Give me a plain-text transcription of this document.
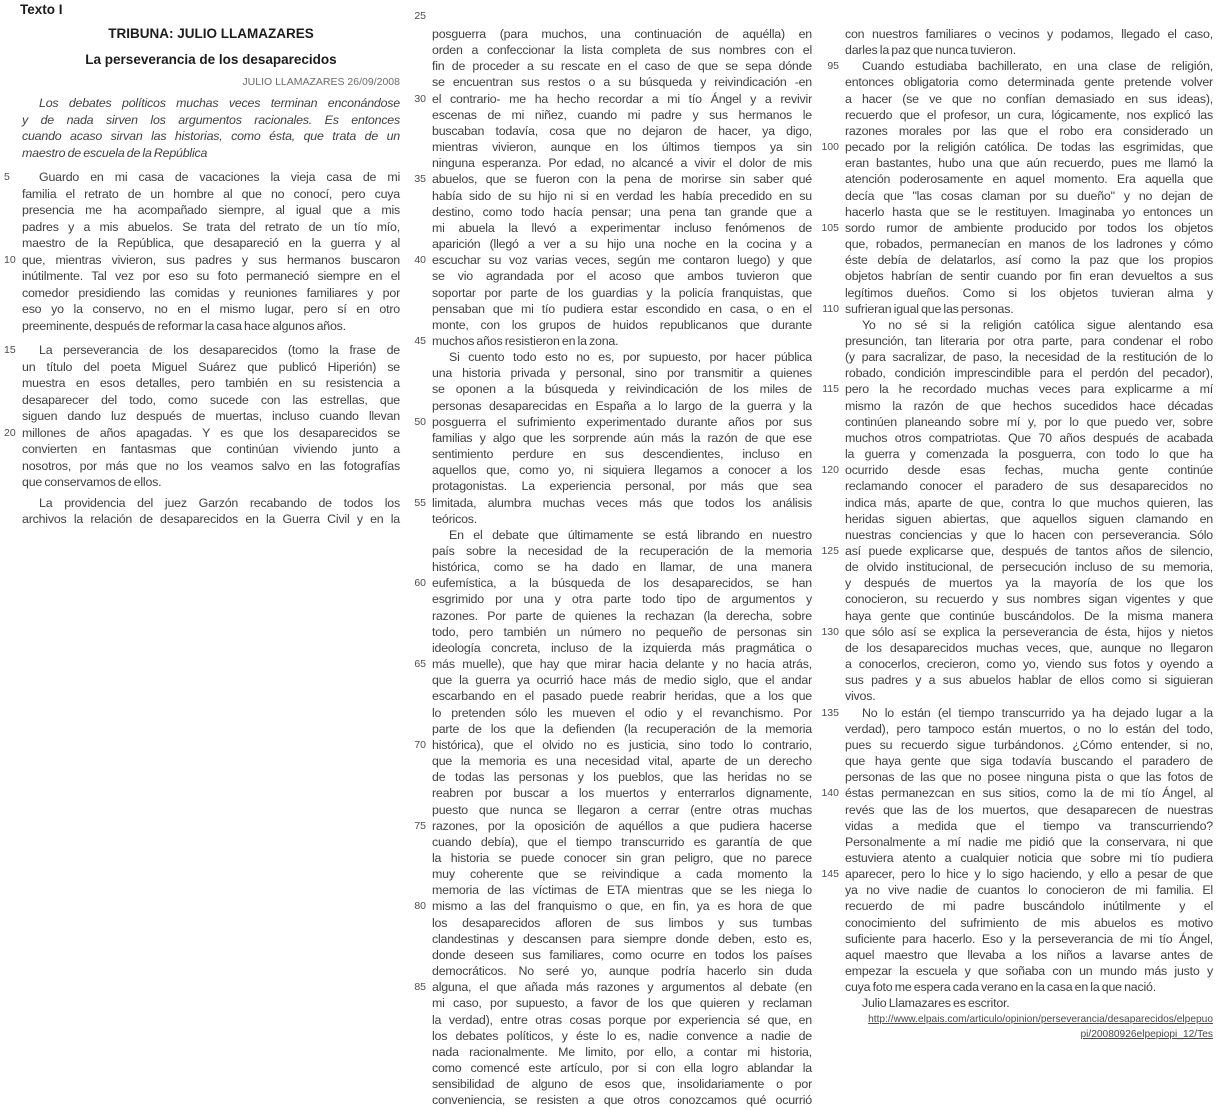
Texto I
TRIBUNA: JULIO LLAMAZARES
La perseverancia de los desaparecidos
JULIO LLAMAZARES 26/09/2008
Los debates políticos muchas veces terminan enconándose
y de nada sirven los argumentos racionales. Es entonces
cuando acaso sirvan las historias, como ésta, que trata de un
maestro de escuela de la República
5 Guardo en mi casa de vacaciones la vieja casa de mi
familia el retrato de un hombre al que no conocí, pero cuya
presencia me ha acompañado siempre, al igual que a mis
padres y a mis abuelos. Se trata del retrato de un tío mío,
maestro de la República, que desapareció en la guerra y al
10 que, mientras vivieron, sus padres y sus hermanos buscaron
inútilmente. Tal vez por eso su foto permaneció siempre en el
comedor presidiendo las comidas y reuniones familiares y por
eso yo la conservo, no en el mismo lugar, pero sí en otro
preeminente, después de reformar la casa hace algunos años.
15 La perseverancia de los desaparecidos (tomo la frase de
un título del poeta Miguel Suárez que publicó Hiperión) se
muestra en esos detalles, pero también en su resistencia a
desaparecer del todo, como sucede con las estrellas, que
siguen dando luz después de muertas, incluso cuando llevan
20 millones de años apagadas. Y es que los desaparecidos se
convierten en fantasmas que continúan viviendo junto a
nosotros, por más que no los veamos salvo en las fotografías
que conservamos de ellos.
La providencia del juez Garzón recabando de todos los
archivos la relación de desaparecidos en la Guerra Civil y en la
25
posguerra (para muchos, una continuación de aquélla) en
orden a confeccionar la lista completa de sus nombres con el
fin de proceder a su rescate en el caso de que se sepa dónde
se encuentran sus restos o a su búsqueda y reivindicación -en
30 el contrario- me ha hecho recordar a mi tío Ángel y a revivir
escenas de mi niñez, cuando mi padre y sus hermanos le
buscaban todavía, cosa que no dejaron de hacer, ya digo,
mientras vivieron, aunque en los últimos tiempos ya sin
ninguna esperanza. Por edad, no alcancé a vivir el dolor de mis
35 abuelos, que se fueron con la pena de morirse sin saber qué
había sido de su hijo ni si en verdad les había precedido en su
destino, como todo hacía pensar; una pena tan grande que a
mi abuela la llevó a experimentar incluso fenómenos de
aparición (llegó a ver a su hijo una noche en la cocina y a
40 escuchar su voz varias veces, según me contaron luego) y que
se vio agrandada por el acoso que ambos tuvieron que
soportar por parte de los guardias y la policía franquistas, que
pensaban que mi tío pudiera estar escondido en casa, o en el
monte, con los grupos de huidos republicanos que durante
45 muchos años resistieron en la zona.
Si cuento todo esto no es, por supuesto, por hacer pública
una historia privada y personal, sino por transmitir a quienes
se oponen a la búsqueda y reivindicación de los miles de
personas desaparecidas en España a lo largo de la guerra y la
50 posguerra el sufrimiento experimentado durante años por sus
familias y algo que les sorprende aún más la razón de que ese
sentimiento perdure en sus descendientes, incluso en
aquellos que, como yo, ni siquiera llegamos a conocer a los
protagonistas. La experiencia personal, por más que sea
55 limitada, alumbra muchas veces más que todos los análisis
teóricos.
En el debate que últimamente se está librando en nuestro
país sobre la necesidad de la recuperación de la memoria
histórica, como se ha dado en llamar, de una manera
60 eufemística, a la búsqueda de los desaparecidos, se han
esgrimido por una y otra parte todo tipo de argumentos y
razones. Por parte de quienes la rechazan (la derecha, sobre
todo, pero también un número no pequeño de personas sin
ideología concreta, incluso de la izquierda más pragmática o
65 más muelle), que hay que mirar hacia delante y no hacia atrás,
que la guerra ya ocurrió hace más de medio siglo, que el andar
escarbando en el pasado puede reabrir heridas, que a los que
lo pretenden sólo les mueven el odio y el revanchismo. Por
parte de los que la defienden (la recuperación de la memoria
70 histórica), que el olvido no es justicia, sino todo lo contrario,
que la memoria es una necesidad vital, aparte de un derecho
de todas las personas y los pueblos, que las heridas no se
reabren por buscar a los muertos y enterrarlos dignamente,
puesto que nunca se llegaron a cerrar (entre otras muchas
75 razones, por la oposición de aquéllos a que pudiera hacerse
cuando debía), que el tiempo transcurrido es garantía de que
la historia se puede conocer sin gran peligro, que no parece
muy coherente que se reivindique a cada momento la
memoria de las víctimas de ETA mientras que se les niega lo
80 mismo a las del franquismo o que, en fin, ya es hora de que
los desaparecidos afloren de sus limbos y sus tumbas
clandestinas y descansen para siempre donde deben, esto es,
donde deseen sus familiares, como ocurre en todos los países
democráticos. No seré yo, aunque podría hacerlo sin duda
85 alguna, el que añada más razones y argumentos al debate (en
mi caso, por supuesto, a favor de los que quieren y reclaman
la verdad), entre otras cosas porque por experiencia sé que, en
los debates políticos, y éste lo es, nadie convence a nadie de
nada racionalmente. Me limito, por ello, a contar mi historia,
como comencé este artículo, por si con ella logro ablandar la
sensibilidad de alguno de esos que, insolidariamente o por
conveniencia, se resisten a que otros conozcamos qué ocurrió
con nuestros familiares o vecinos y podamos, llegado el caso,
darles la paz que nunca tuvieron.
95 Cuando estudiaba bachillerato, en una clase de religión,
entonces obligatoria como determinada gente pretende volver
a hacer (se ve que no confían demasiado en sus ideas),
recuerdo que el profesor, un cura, lógicamente, nos explicó las
razones morales por las que el robo era considerado un
100 pecado por la religión católica. De todas las esgrimidas, que
eran bastantes, hubo una que aún recuerdo, pues me llamó la
atención poderosamente en aquel momento. Era aquella que
decía que "las cosas claman por su dueño" y no dejan de
hacerlo hasta que se le restituyen. Imaginaba yo entonces un
105 sordo rumor de ambiente producido por todos los objetos
que, robados, permanecían en manos de los ladrones y cómo
éste debía de delatarlos, así como la paz que los propios
objetos habrían de sentir cuando por fin eran devueltos a sus
legítimos dueños. Como si los objetos tuvieran alma y
110 sufrieran igual que las personas.
Yo no sé si la religión católica sigue alentando esa
presunción, tan literaria por otra parte, para condenar el robo
(y para sacralizar, de paso, la necesidad de la restitución de lo
robado, condición imprescindible para el perdón del pecador),
115 pero la he recordado muchas veces para explicarme a mí
mismo la razón de que hechos sucedidos hace décadas
continúen planeando sobre mí y, por lo que puedo ver, sobre
muchos otros compatriotas. Que 70 años después de acabada
la guerra y comenzada la posguerra, con todo lo que ha
120 ocurrido desde esas fechas, mucha gente continúe
reclamando conocer el paradero de sus desaparecidos no
indica más, aparte de que, contra lo que muchos quieren, las
heridas siguen abiertas, que aquellos siguen clamando en
nuestras conciencias y que lo hacen con perseverancia. Sólo
125 así puede explicarse que, después de tantos años de silencio,
de olvido institucional, de persecución incluso de su memoria,
y después de muertos ya la mayoría de los que los
conocieron, su recuerdo y sus nombres sigan vigentes y que
haya gente que continúe buscándolos. De la misma manera
130 que sólo así se explica la perseverancia de ésta, hijos y nietos
de los desaparecidos muchas veces, que, aunque no llegaron
a conocerlos, crecieron, como yo, viendo sus fotos y oyendo a
sus padres y a sus abuelos hablar de ellos como si siguieran
vivos.
135 No lo están (el tiempo transcurrido ya ha dejado lugar a la
verdad), pero tampoco están muertos, o no lo están del todo,
pues su recuerdo sigue turbándonos. ¿Cómo entender, si no,
que haya gente que siga todavía buscando el paradero de
personas de las que no posee ninguna pista o que las fotos de
140 éstas permanezcan en sus sitios, como la de mi tío Ángel, al
revés que las de los muertos, que desaparecen de nuestras
vidas a medida que el tiempo va transcurriendo?
Personalmente a mí nadie me pidió que la conservara, ni que
estuviera atento a cualquier noticia que sobre mi tío pudiera
145 aparecer, pero lo hice y lo sigo haciendo, y ello a pesar de que
ya no vive nadie de cuantos lo conocieron de mi familia. El
recuerdo de mi padre buscándolo inútilmente y el
conocimiento del sufrimiento de mis abuelos es motivo
suficiente para hacerlo. Eso y la perseverancia de mi tío Ángel,
aquel maestro que llevaba a los niños a lavarse antes de
empezar la escuela y que soñaba con un mundo más justo y
cuya foto me espera cada verano en la casa en la que nació.
Julio Llamazares es escritor.
http://www.elpais.com/articulo/opinion/perseverancia/desaparecidos/elpepuo
pi/20080926elpepiopi_12/Tes
